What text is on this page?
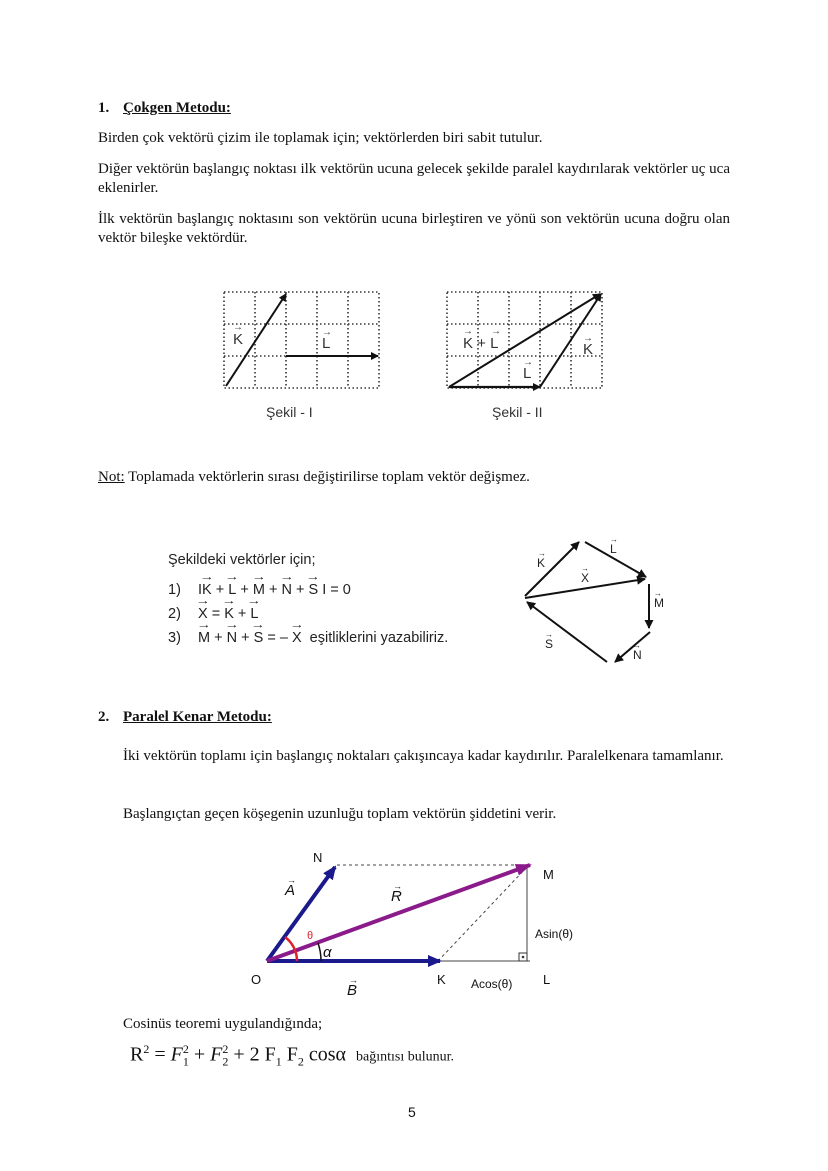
1. Çokgen Metodu:
Birden çok vektörü çizim ile toplamak için; vektörlerden biri sabit tutulur.
Diğer vektörün başlangıç noktası ilk vektörün ucuna gelecek şekilde paralel kaydırılarak vektörler uç uca eklenirler.
İlk vektörün başlangıç noktasını son vektörün ucuna birleştiren ve yönü son vektörün ucuna doğru olan vektör bileşke vektördür.
K
→
L
→
Şekil - I
K + L
→ →
L
→
K
→
Şekil - II
Not: Toplamada vektörlerin sırası değiştirilirse toplam vektör değişmez.
Şekildeki vektörler için;
1)	I → K
+
→ L
+
→ M
+
→ N
+
→ S
I = 0
2)	→ X
=
→ K
+
→ L
3)	→ M
+
→ N
+
→ S
= –
→ X
eşitliklerini yazabiliriz.
K
→	L
→
X
→
M
→
N
→
S
→
2. Paralel Kenar Metodu:
İki vektörün toplamı için başlangıç noktaları çakışıncaya kadar kaydırılır. Paralelkenara tamamlanır.
Başlangıçtan geçen köşegenin uzunluğu toplam vektörün şiddetini verir.
θ
α
N
M
O	K	L
A
→
R
→
B
→
Asin(θ)
Acos(θ)
Cosinüs teoremi uygulandığında;
$R^2 = F_1^2 + F_2^2 + 2$ $F_1$ $F_2$ cosα bağıntısı bulunur.
5
